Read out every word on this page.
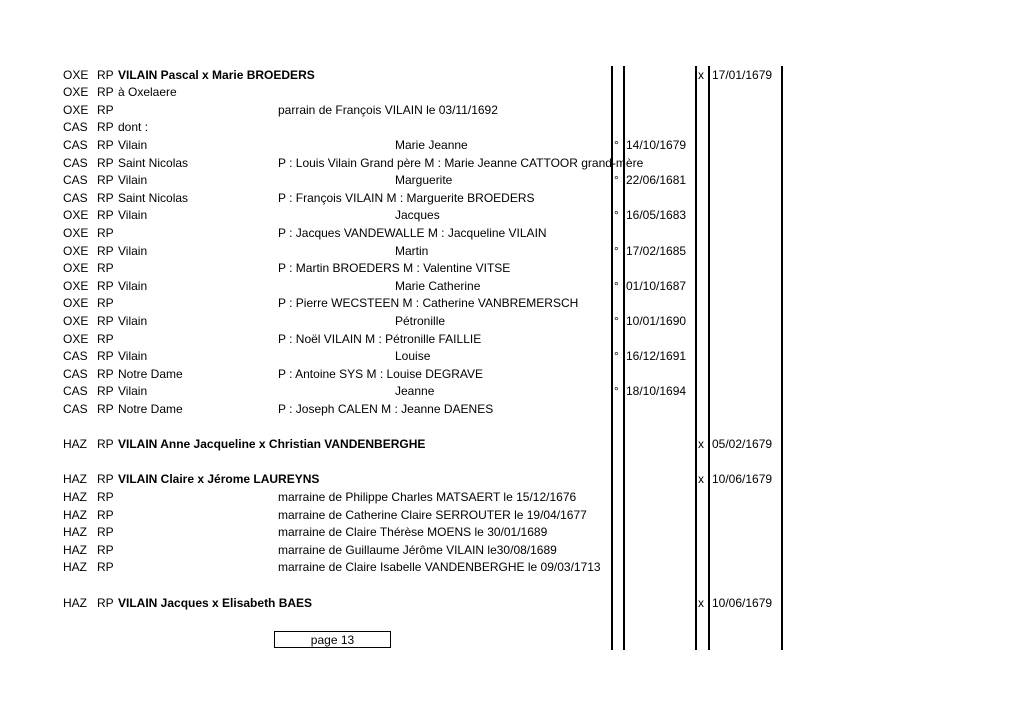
OXE RP VILAIN Pascal x Marie BROEDERS	x 17/01/1679
OXE RP à Oxelaere
OXE RP	parrain de François VILAIN le 03/11/1692
CAS RP dont :
CAS RP Vilain	Marie Jeanne	° 14/10/1679
CAS RP Saint Nicolas	P : Louis Vilain Grand père M : Marie Jeanne CATTOOR grand-mère
CAS RP Vilain	Marguerite	° 22/06/1681
CAS RP Saint Nicolas	P : François VILAIN M : Marguerite BROEDERS
OXE RP Vilain	Jacques	° 16/05/1683
OXE RP	P : Jacques VANDEWALLE M : Jacqueline VILAIN
OXE RP Vilain	Martin	° 17/02/1685
OXE RP	P : Martin BROEDERS M : Valentine VITSE
OXE RP Vilain	Marie Catherine	° 01/10/1687
OXE RP	P : Pierre WECSTEEN M : Catherine VANBREMERSCH
OXE RP Vilain	Pétronille	° 10/01/1690
OXE RP	P : Noël VILAIN M : Pétronille FAILLIE
CAS RP Vilain	Louise	° 16/12/1691
CAS RP Notre Dame	P : Antoine SYS M : Louise DEGRAVE
CAS RP Vilain	Jeanne	° 18/10/1694
CAS RP Notre Dame	P : Joseph CALEN M : Jeanne DAENES
HAZ RP VILAIN Anne Jacqueline x Christian VANDENBERGHE	x 05/02/1679
HAZ RP VILAIN Claire x Jérome LAUREYNS	x 10/06/1679
HAZ RP	marraine de Philippe Charles MATSAERT le 15/12/1676
HAZ RP	marraine de Catherine Claire SERROUTER le 19/04/1677
HAZ RP	marraine de Claire Thérèse MOENS le 30/01/1689
HAZ RP	marraine de Guillaume Jérôme VILAIN le30/08/1689
HAZ RP	marraine de Claire Isabelle VANDENBERGHE le 09/03/1713
HAZ RP VILAIN Jacques x Elisabeth BAES	x 10/06/1679
page 13
